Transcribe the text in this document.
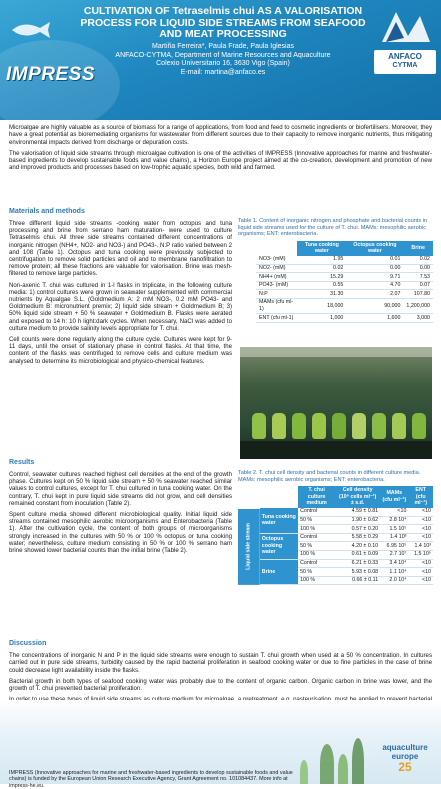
IMPRESS
CULTIVATION OF Tetraselmis chui AS A VALORISATION
PROCESS FOR LIQUID SIDE STREAMS FROM SEAFOOD
AND MEAT PROCESSING
Martiña Ferreira*, Paula Frade, Paula Iglesias
ANFACO-CYTMA, Department of Marine Resources and Aquaculture
Colexio Universitario 16, 3630 Vigo (Spain)
E-mail: martina@anfaco.es
ANFACO
CYTMA

Microalgae are highly valuable as a source of biomass for a range of applications, from food and feed to cosmetic ingredients or biofertilisers. Moreover, they have a great potential as bioremediating organisms for wastewater from different sources due to their capacity to remove inorganic nutrients, thus mitigating environmental impacts derived from discharge or depuration costs.

The valorisation of liquid side streams through microalgae cultivation is one of the activities of IMPRESS (Innovative approaches for marine and freshwater-based ingredients to develop sustainable foods and value chains), a Horizon Europe project aimed at the co-creation, development and promotion of new and improved products and processes based on low-trophic aquatic species, both wild and farmed.

Materials and methods

Three different liquid side streams -cooking water from octopus and tuna processing and brine from serrano ham maturation- were used to culture Tetraselmis chui. All three side streams contained different concentrations of inorganic nitrogen (NH4+, NO2- and NO3-) and PO43-. N:P ratio varied between 2 and 108 (Table 1). Octopus and tuna cooking were previously subjected to centrifugation to remove solid particles and oil and to membrane nanofiltration to remove protein; all these fractions are valuable for valorisation. Brine was mesh-filtered to remove large particles.

Non-axenic T. chui was cultured in 1-l flasks in triplicate, in the following culture media: 1) control cultures were grown in seawater supplemented with commercial nutrients by Aqualgae S.L. (Goldmedium A: 2 mM NO3-, 0.2 mM PO43- and Goldmedium B: micronutrient premix; 2) liquid side stream + Goldmedium B; 3) 50% liquid side stream + 50 % seawater + Goldmedium B. Flasks were aerated and exposed to 14 h: 10 h light:dark cycles. When necessary, NaCl was added to culture medium to provide salinity levels appropriate for T. chui.

Cell counts were done regularly along the culture cycle. Cultures were kept for 9-11 days, until the onset of stationary phase in control flasks. At that time, the content of the flasks was centrifuged to remove cells and culture medium was analysed to determine its microbiological and physico-chemical features.

Table 1. Content of inorganic nitrogen and phosphate and bacterial counts in liquid side streams used for the culture of T. chui. MAMs: mesophilic aerobic organisms; ENT: enterobacteria.
	Tuna cooking water	Octopus cooking water	Brine
NO3- (mM)	1.95	0.01	0.02
NO2- (mM)	0.02	0.00	0.00
NH4+ (mM)	15.29	9.71	7.53
PO43- (mM)	0.55	4.70	0.07
N:P	31.30	2.07	107.80
MAMs (cfu ml-1)	18,000	90,000	1,200,000
ENT (cfu ml-1)	1,000	1,600	3,000
Results

Control, seawater cultures reached highest cell densities at the end of the growth phase. Cultures kept on 50 % liquid side stream + 50 % seawater reached similar values to control cultures, except for T. chui cultured in tuna cooking water. On the contrary, T. chui kept in pure liquid side streams did not grow, and cell densities remained constant from inoculation (Table 2).

Spent culture media showed different microbiological quality. Initial liquid side streams contained mesophilic aerobic microorganisms and Enterobacteria (Table 1). After the cultivation cycle, the content of both groups of microorganisms strongly increased in the cultures with 50 % or 100 % octopus or tuna cooking water; nevertheless, culture medium consisting in 50 % or 100 % serrano ham brine showed lower bacterial counts than the initial brine (Table 2).

Table 2. T. chui cell density and bacterial counts in different culture media. MAMs: mesophilic aerobic organisms; ENT: enterobacteria.
		T. chui culture medium	Cell density (10⁶ cells ml⁻¹) ± s.d.	MAMs (cfu ml⁻¹)	ENT (cfu ml⁻¹)
Liquid side stream	Tuna cooking water	Control	4.59 ± 0.81	<10	<10
		50 %	1.90 ± 0.62	2.8 10⁴	<10
		100 %	0.57 ± 0.20	1.5 10⁵	<10
	Octopus cooking water	Control	5.58 ± 0.29	1.4 10³	<10
		50 %	4.20 ± 0.10	6.95 10⁵	1.4 10³
		100 %	0.61 ± 0.09	2.7 10⁷	1.5 10⁵
	Brine	Control	6.21 ± 0.33	3.4 10⁴	<10
		50 %	5.93 ± 0.08	1.1 10⁴	<10
		100 %	0.66 ± 0.11	2.0 10⁴	<10
Discussion

The concentrations of inorganic N and P in the liquid side streams were enough to sustain T. chui growth when used at a 50 % concentration. In cultures carried out in pure side streams, turbidity caused by the rapid bacterial proliferation in seafood cooking water or due to fine particles in the case of brine could decrease light availability inside the flasks.

Bacterial growth in both types of seafood cooking water was probably due to the content of organic carbon. Organic carbon in brine was lower, and the growth of T. chui prevented bacterial proliferation.

IMPRESS (Innovative approaches for marine and freshwater-based ingredients to develop sustainable foods and value chains) is funded by the European Union Research Executive Agency, Grant Agreement no. 101084437. More info at impress-he.eu.
aquaculture
europe
25
